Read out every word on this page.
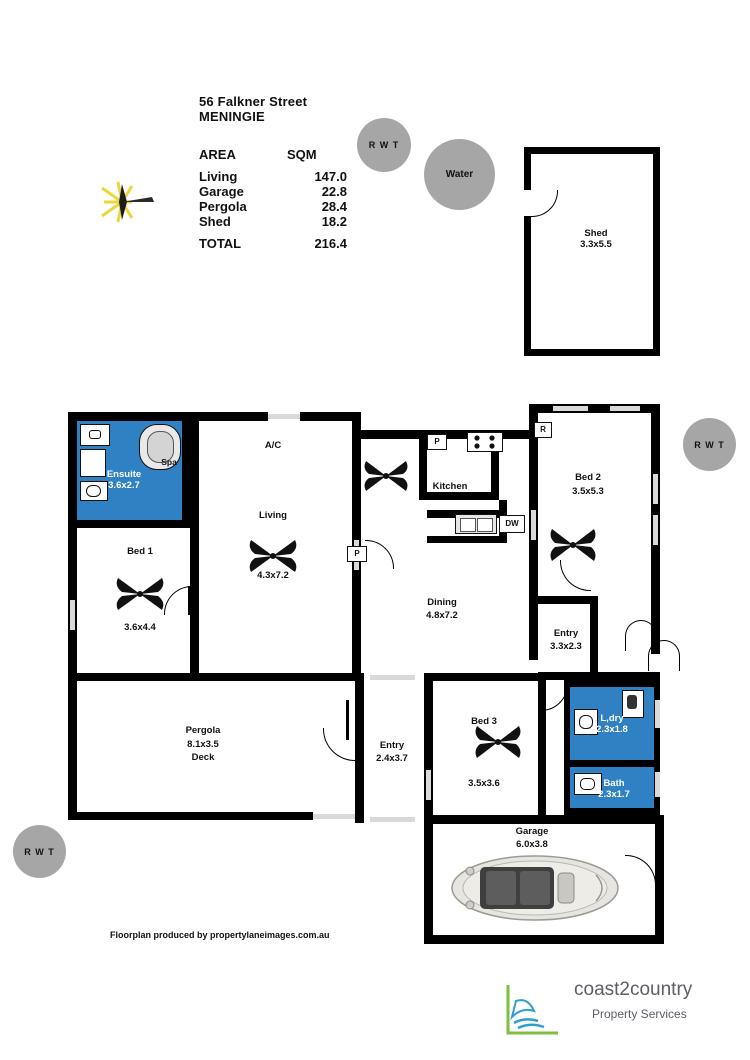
56 Falkner Street
MENINGIE
AREA	SQM
Living	147.0
Garage	22.8
Pergola	28.4
Shed	18.2
TOTAL	216.4
R W T
Water
R W T
R W T
Shed
3.3x5.5
Ensuite
3.6x2.7
Spa
L,dry
2.3x1.8
Bath
2.3x1.7
P
R
DW
P
Kitchen
Bed 1
3.6x4.4
A/C
Living
4.3x7.2
Dining
4.8x7.2
Bed 2
3.5x5.3
Entry
3.3x2.3
Bed 3
3.5x3.6
Entry
2.4x3.7
Pergola
8.1x3.5
Deck
Garage
6.0x3.8
Floorplan produced by propertylaneimages.com.au
coast2country
Property Services
